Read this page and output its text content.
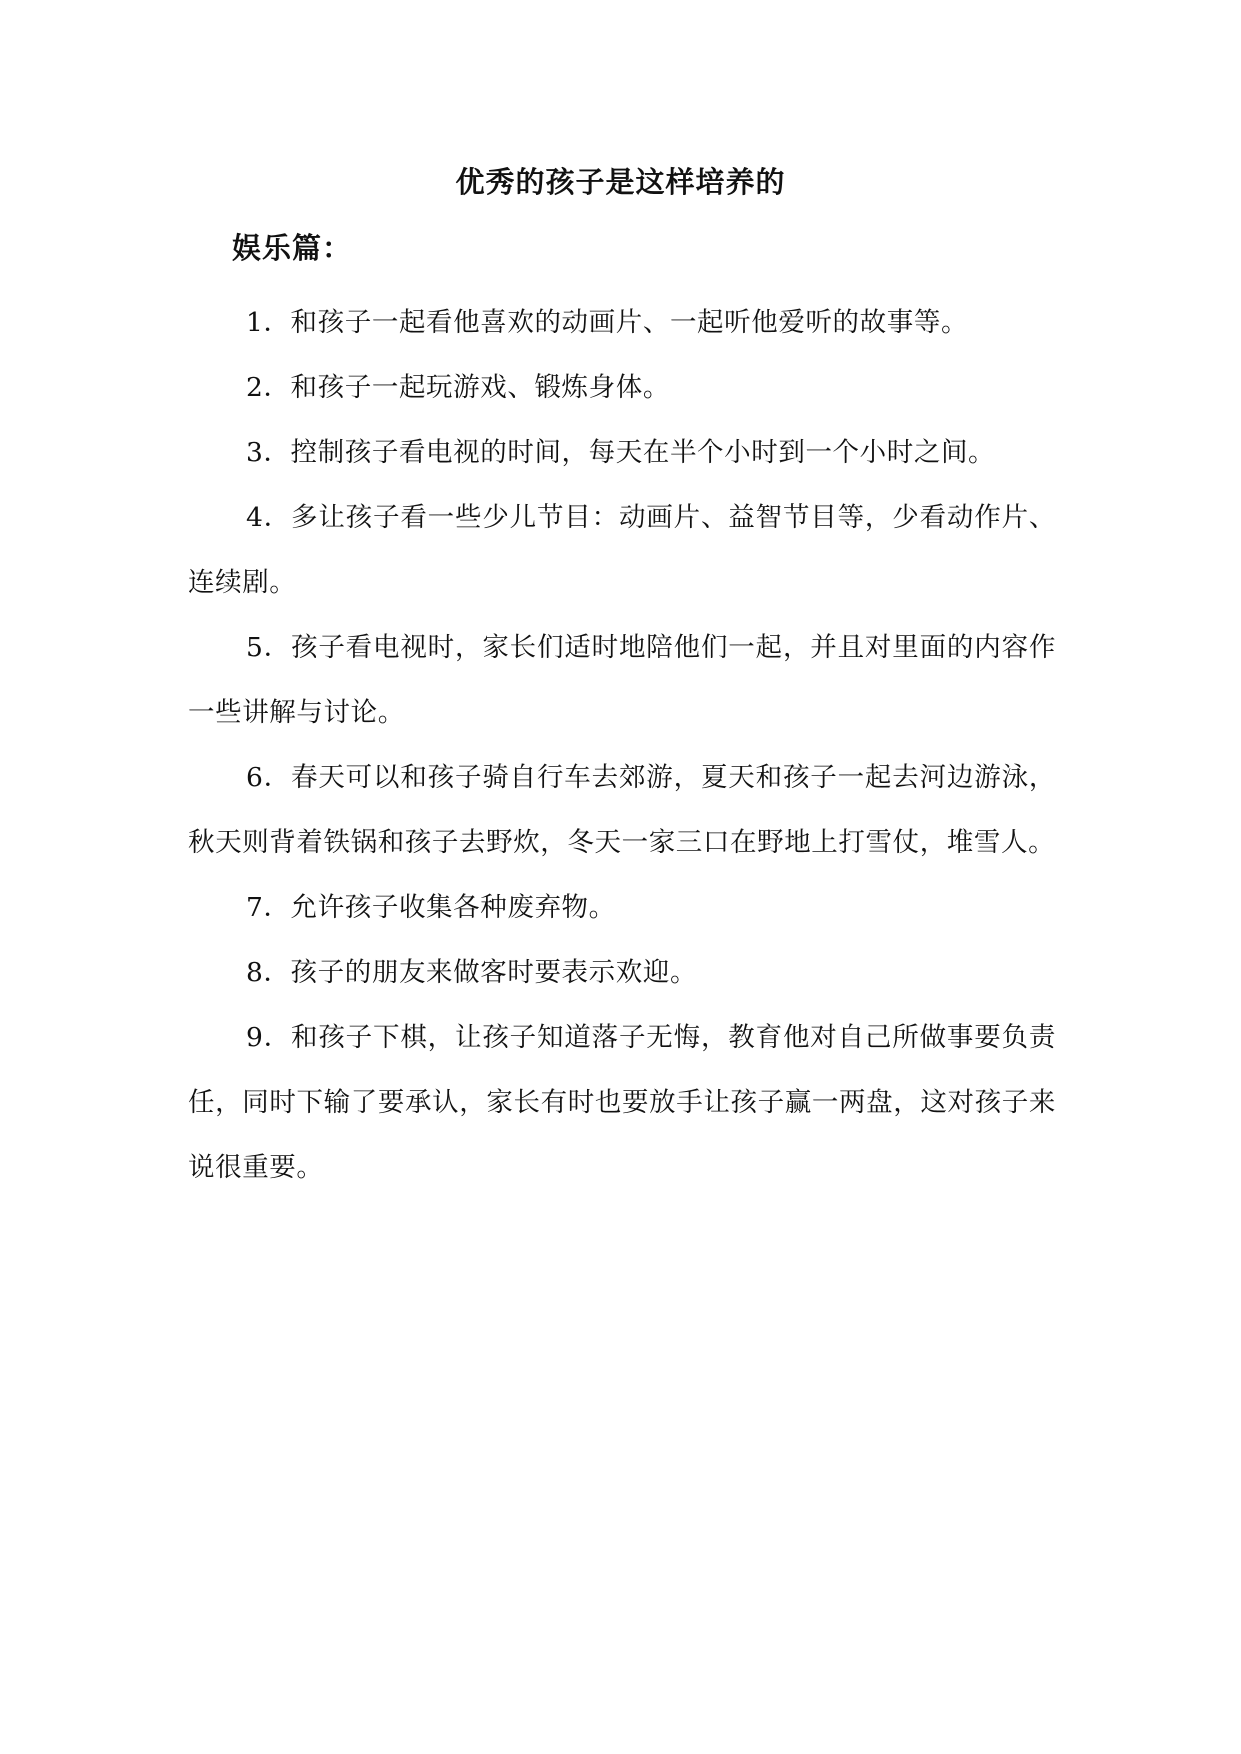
优秀的孩子是这样培养的
娱乐篇：

1．和孩子一起看他喜欢的动画片、一起听他爱听的故事等。

2．和孩子一起玩游戏、锻炼身体。

3．控制孩子看电视的时间，每天在半个小时到一个小时之间。

4．多让孩子看一些少儿节目：动画片、益智节目等，少看动作片、连续剧。

5．孩子看电视时，家长们适时地陪他们一起，并且对里面的内容作一些讲解与讨论。

6．春天可以和孩子骑自行车去郊游，夏天和孩子一起去河边游泳，秋天则背着铁锅和孩子去野炊，冬天一家三口在野地上打雪仗，堆雪人。

7．允许孩子收集各种废弃物。

8．孩子的朋友来做客时要表示欢迎。

9．和孩子下棋，让孩子知道落子无悔，教育他对自己所做事要负责任，同时下输了要承认，家长有时也要放手让孩子赢一两盘，这对孩子来说很重要。
